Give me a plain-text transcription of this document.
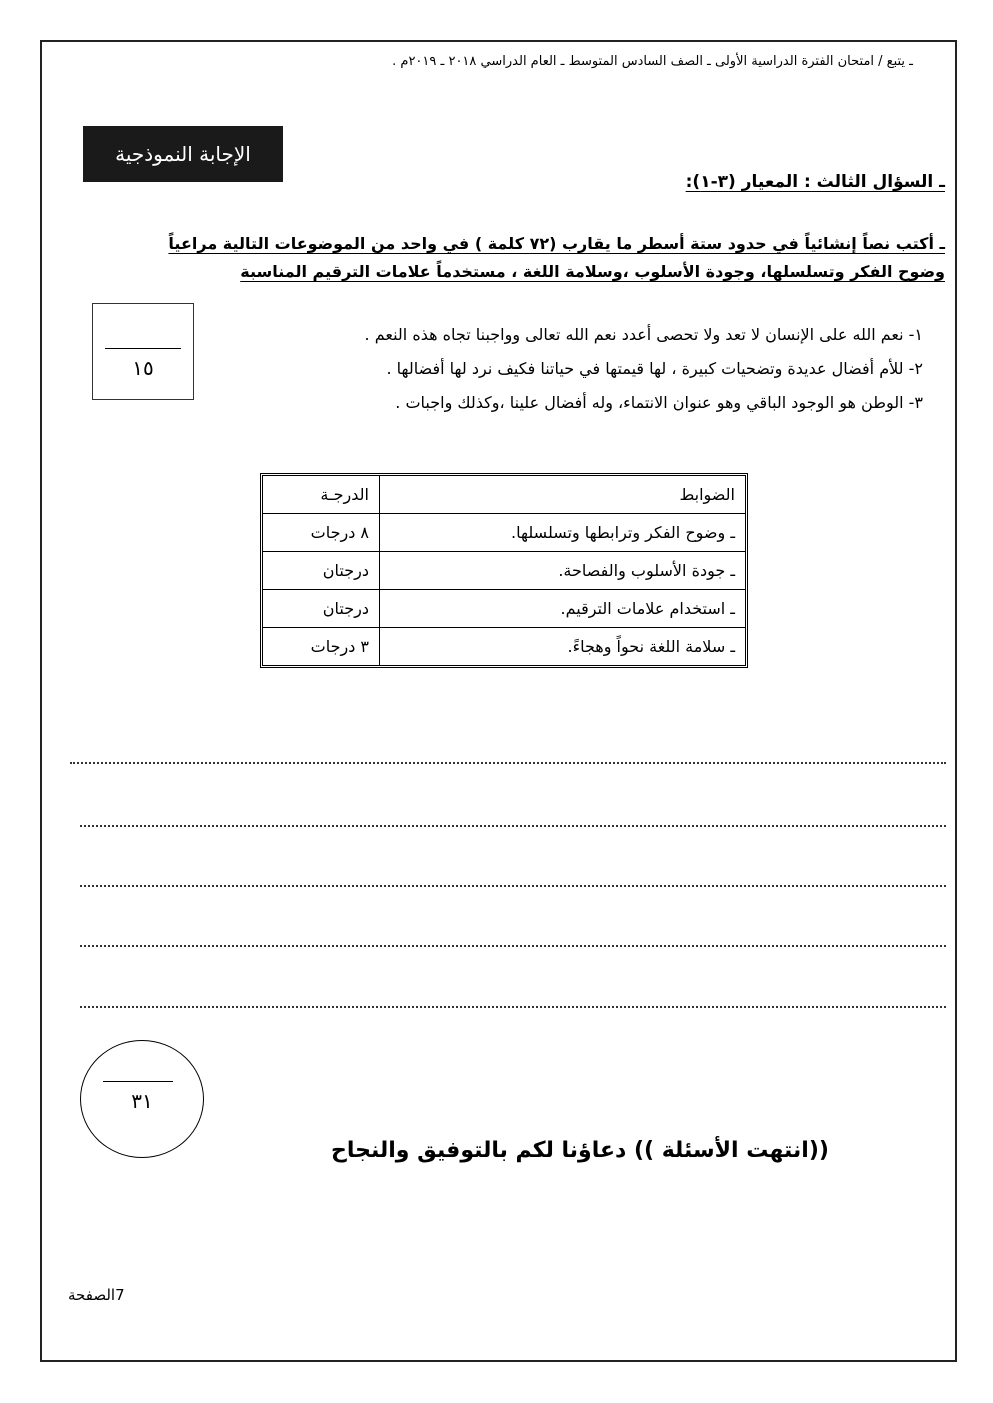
ـ يتبع / امتحان الفترة الدراسية الأولى ـ الصف السادس المتوسط ـ العام الدراسي ٢٠١٨ ـ ٢٠١٩م .
الإجابة النموذجية
ـ السؤال الثالث : المعيار (٣-١):
ـ أكتب نصاً إنشائياً في حدود ستة أسطر ما يقارب (٧٢ كلمة ) في واحد من الموضوعات التالية مراعياً
وضوح الفكر وتسلسلها، وجودة الأسلوب ،وسلامة اللغة ، مستخدماً علامات الترقيم المناسبة
١٥
١- نعم الله على الإنسان لا تعد ولا تحصى أعدد نعم الله تعالى وواجبنا تجاه هذه النعم .
٢- للأم أفضال عديدة وتضحيات كبيرة ، لها قيمتها في حياتنا فكيف نرد لها أفضالها .
٣- الوطن هو الوجود الباقي وهو عنوان الانتماء، وله أفضال علينا ،وكذلك واجبات .
الضوابط	الدرجـة
ـ وضوح الفكر وترابطها وتسلسلها.	٨ درجات
ـ جودة الأسلوب والفصاحة.	درجتان
ـ استخدام علامات الترقيم.	درجتان
ـ سلامة اللغة نحواً وهجاءً.	٣ درجات
٣١
((انتهت الأسئلة )) دعاؤنا لكم بالتوفيق والنجاح
7الصفحة
